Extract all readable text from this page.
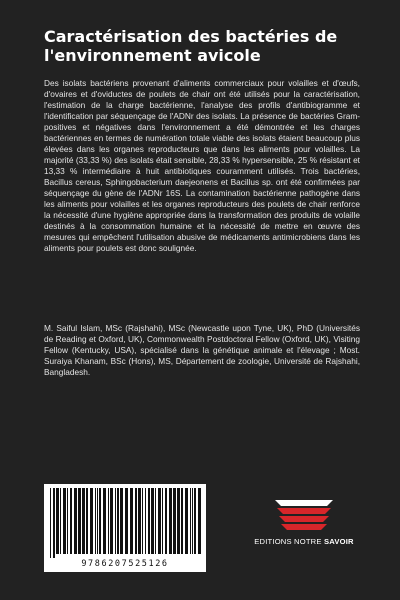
Caractérisation des bactéries de l'environnement avicole

Des isolats bactériens provenant d'aliments commerciaux pour volailles et d'œufs, d'ovaires et d'oviductes de poulets de chair ont été utilisés pour la caractérisation, l'estimation de la charge bactérienne, l'analyse des profils d'antibiogramme et l'identification par séquençage de l'ADNr des isolats. La présence de bactéries Gram-positives et négatives dans l'environnement a été démontrée et les charges bactériennes en termes de numération totale viable des isolats étaient beaucoup plus élevées dans les organes reproducteurs que dans les aliments pour volailles. La majorité (33,33 %) des isolats était sensible, 28,33 % hypersensible, 25 % résistant et 13,33 % intermédiaire à huit antibiotiques couramment utilisés. Trois bactéries, Bacillus cereus, Sphingobacterium daejeonens et Bacillus sp. ont été confirmées par séquençage du gène de l'ADNr 16S. La contamination bactérienne pathogène dans les aliments pour volailles et les organes reproducteurs des poulets de chair renforce la nécessité d'une hygiène appropriée dans la transformation des produits de volaille destinés à la consommation humaine et la nécessité de mettre en œuvre des mesures qui empêchent l'utilisation abusive de médicaments antimicrobiens dans les aliments pour poulets est donc soulignée.

M. Saiful Islam, MSc (Rajshahi), MSc (Newcastle upon Tyne, UK), PhD (Universités de Reading et Oxford, UK), Commonwealth Postdoctoral Fellow (Oxford, UK), Visiting Fellow (Kentucky, USA), spécialisé dans la génétique animale et l'élevage ; Most. Suraiya Khanam, BSc (Hons), MS, Département de zoologie, Université de Rajshahi, Bangladesh.

9786207525126
EDITIONS NOTRE SAVOIR
